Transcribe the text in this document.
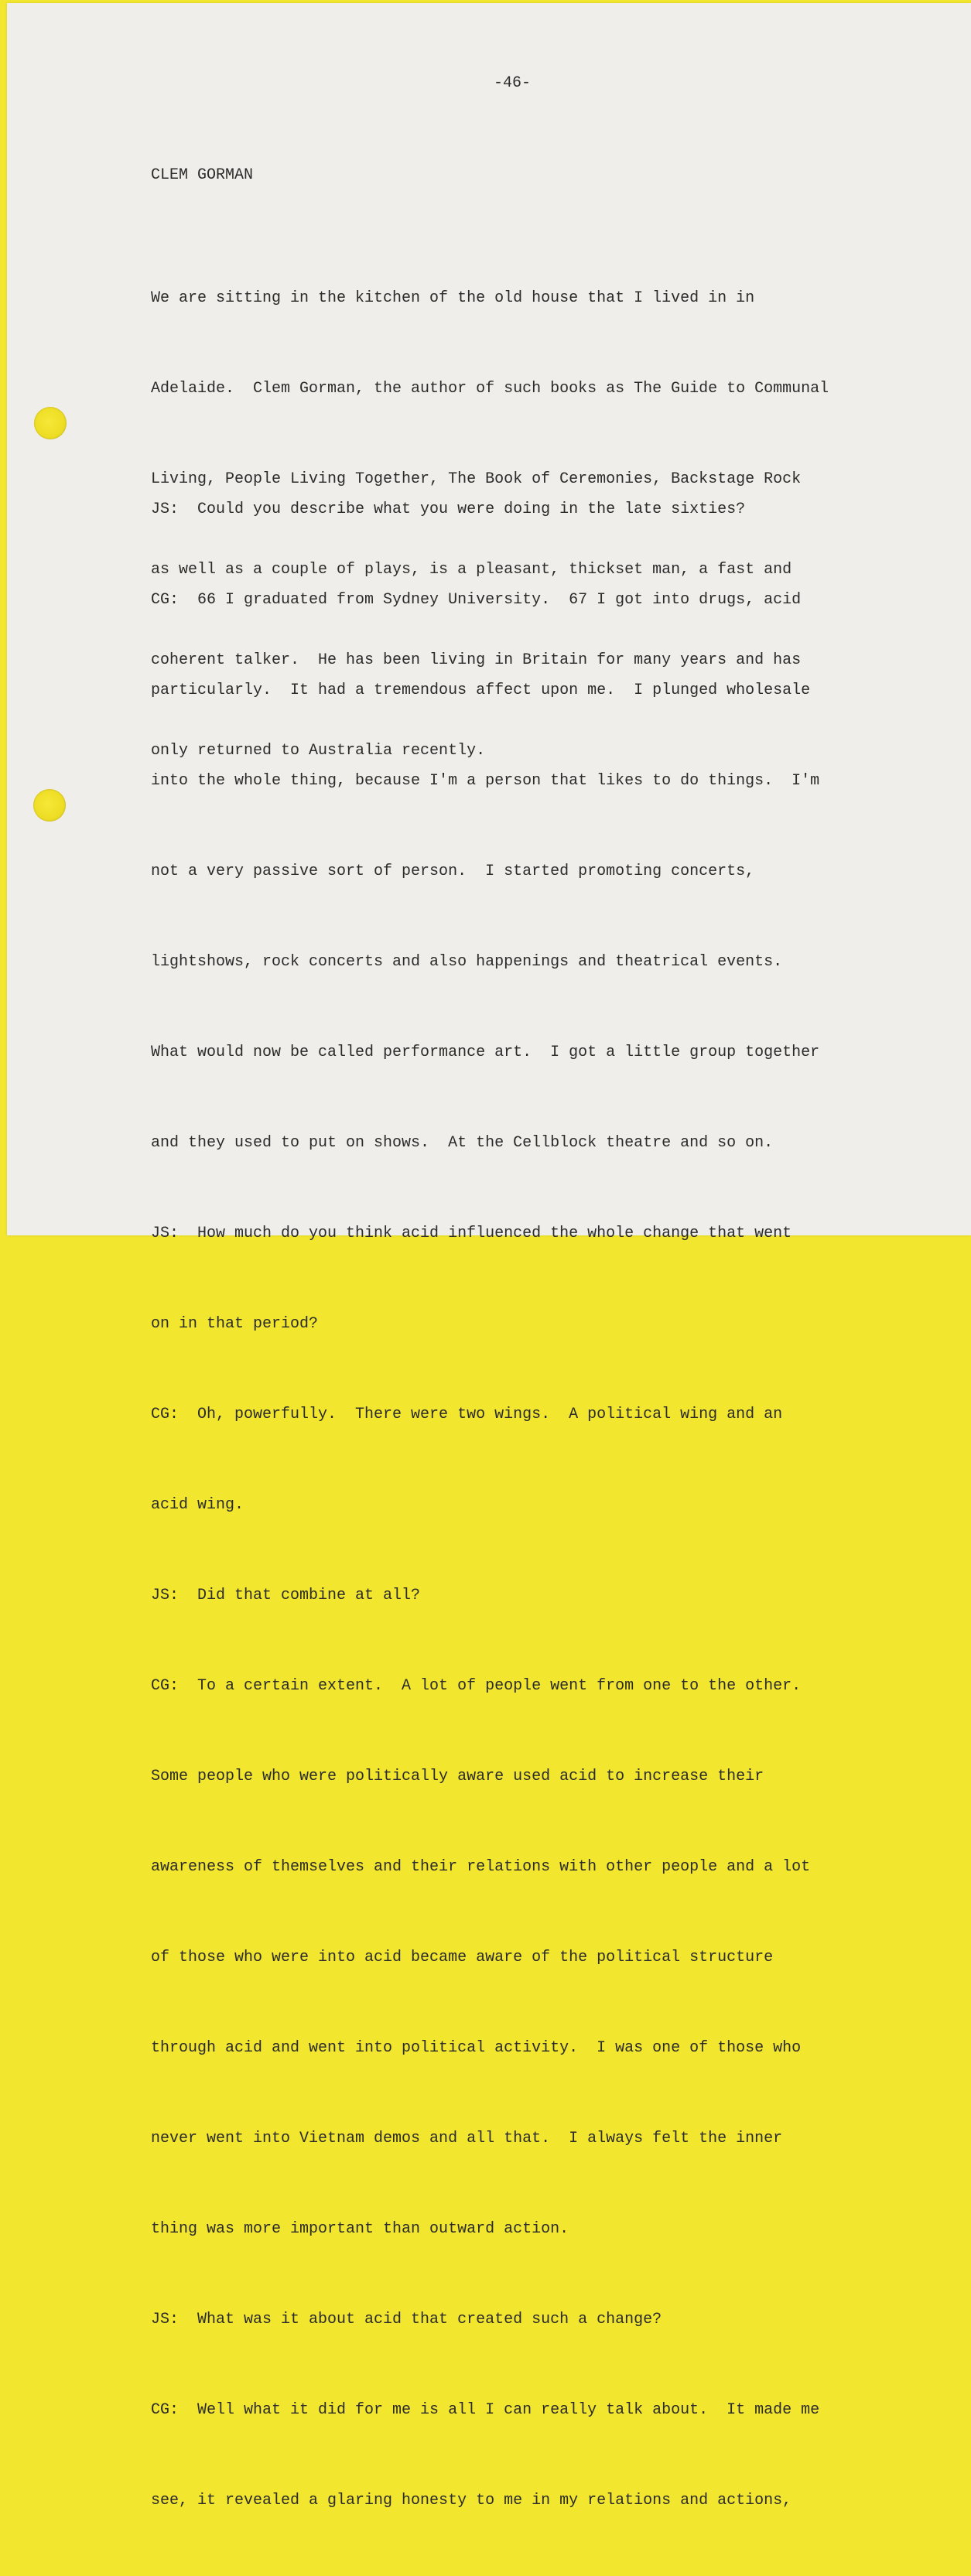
-46-
CLEM GORMAN

We are sitting in the kitchen of the old house that I lived in in

Adelaide.  Clem Gorman, the author of such books as The Guide to Communal

Living, People Living Together, The Book of Ceremonies, Backstage Rock

as well as a couple of plays, is a pleasant, thickset man, a fast and

coherent talker.  He has been living in Britain for many years and has

only returned to Australia recently.

JS:  Could you describe what you were doing in the late sixties?

CG:  66 I graduated from Sydney University.  67 I got into drugs, acid

particularly.  It had a tremendous affect upon me.  I plunged wholesale

into the whole thing, because I'm a person that likes to do things.  I'm

not a very passive sort of person.  I started promoting concerts,

lightshows, rock concerts and also happenings and theatrical events.

What would now be called performance art.  I got a little group together

and they used to put on shows.  At the Cellblock theatre and so on.

JS:  How much do you think acid influenced the whole change that went

on in that period?

CG:  Oh, powerfully.  There were two wings.  A political wing and an

acid wing.

JS:  Did that combine at all?

CG:  To a certain extent.  A lot of people went from one to the other.

Some people who were politically aware used acid to increase their

awareness of themselves and their relations with other people and a lot

of those who were into acid became aware of the political structure

through acid and went into political activity.  I was one of those who

never went into Vietnam demos and all that.  I always felt the inner

thing was more important than outward action.

JS:  What was it about acid that created such a change?

CG:  Well what it did for me is all I can really talk about.  It made me

see, it revealed a glaring honesty to me in my relations and actions,
